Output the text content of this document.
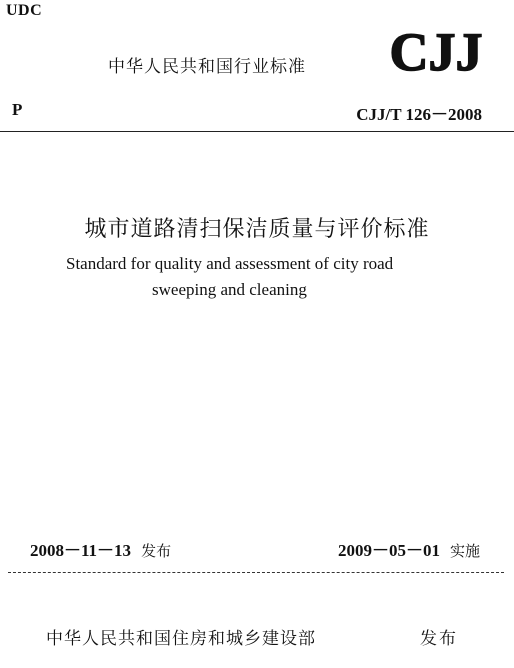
UDC
中华人民共和国行业标准 CJJ
P	CJJ/T 126－2008
城市道路清扫保洁质量与评价标准
Standard for quality and assessment of city road
sweeping and cleaning
2008－11－13 发布	2009－05－01 实施
中华人民共和国住房和城乡建设部	发布
